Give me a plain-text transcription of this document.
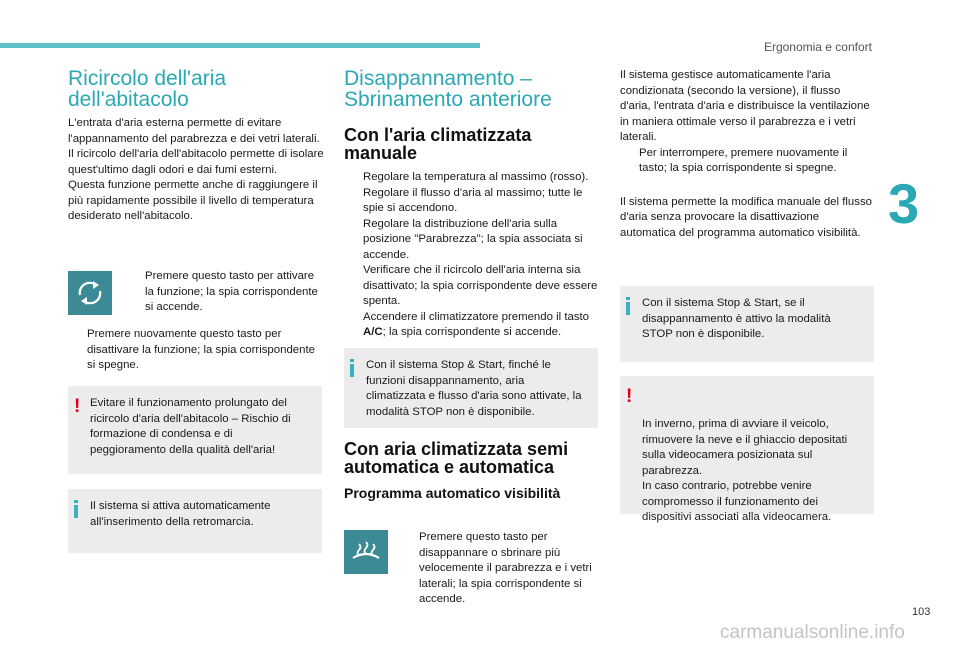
Ergonomia e confort
3
103
carmanualsonline.info
Ricircolo dell'aria dell'abitacolo
L'entrata d'aria esterna permette di evitare l'appannamento del parabrezza e dei vetri laterali.
Il ricircolo dell'aria dell'abitacolo permette di isolare quest'ultimo dagli odori e dai fumi esterni.
Questa funzione permette anche di raggiungere il più rapidamente possibile il livello di temperatura desiderato nell'abitacolo.
Premere questo tasto per attivare la funzione; la spia corrispondente si accende.
Premere nuovamente questo tasto per disattivare la funzione; la spia corrispondente si spegne.
! Evitare il funzionamento prolungato del ricircolo d'aria dell'abitacolo – Rischio di formazione di condensa e di peggioramento della qualità dell'aria!
Il sistema si attiva automaticamente all'inserimento della retromarcia.
Disappannamento – Sbrinamento anteriore
Con l'aria climatizzata manuale
Regolare la temperatura al massimo (rosso).
Regolare il flusso d'aria al massimo; tutte le spie si accendono.
Regolare la distribuzione dell'aria sulla posizione "Parabrezza"; la spia associata si accende.
Verificare che il ricircolo dell'aria interna sia disattivato; la spia corrispondente deve essere spenta.
Accendere il climatizzatore premendo il tasto A/C; la spia corrispondente si accende.
Con il sistema Stop & Start, finché le funzioni disappannamento, aria climatizzata e flusso d'aria sono attivate, la modalità STOP non è disponibile.
Con aria climatizzata semi automatica e automatica
Programma automatico visibilità
Premere questo tasto per disappannare o sbrinare più velocemente il parabrezza e i vetri laterali; la spia corrispondente si accende.
Il sistema gestisce automaticamente l'aria condizionata (secondo la versione), il flusso d'aria, l'entrata d'aria e distribuisce la ventilazione in maniera ottimale verso il parabrezza e i vetri laterali.
Per interrompere, premere nuovamente il tasto; la spia corrispondente si spegne.
Il sistema permette la modifica manuale del flusso d'aria senza provocare la disattivazione automatica del programma automatico visibilità.
Con il sistema Stop & Start, se il disappannamento è attivo la modalità STOP non è disponibile.

!

In inverno, prima di avviare il veicolo, rimuovere la neve e il ghiaccio depositati sulla videocamera posizionata sul parabrezza.
In caso contrario, potrebbe venire compromesso il funzionamento dei dispositivi associati alla videocamera.
